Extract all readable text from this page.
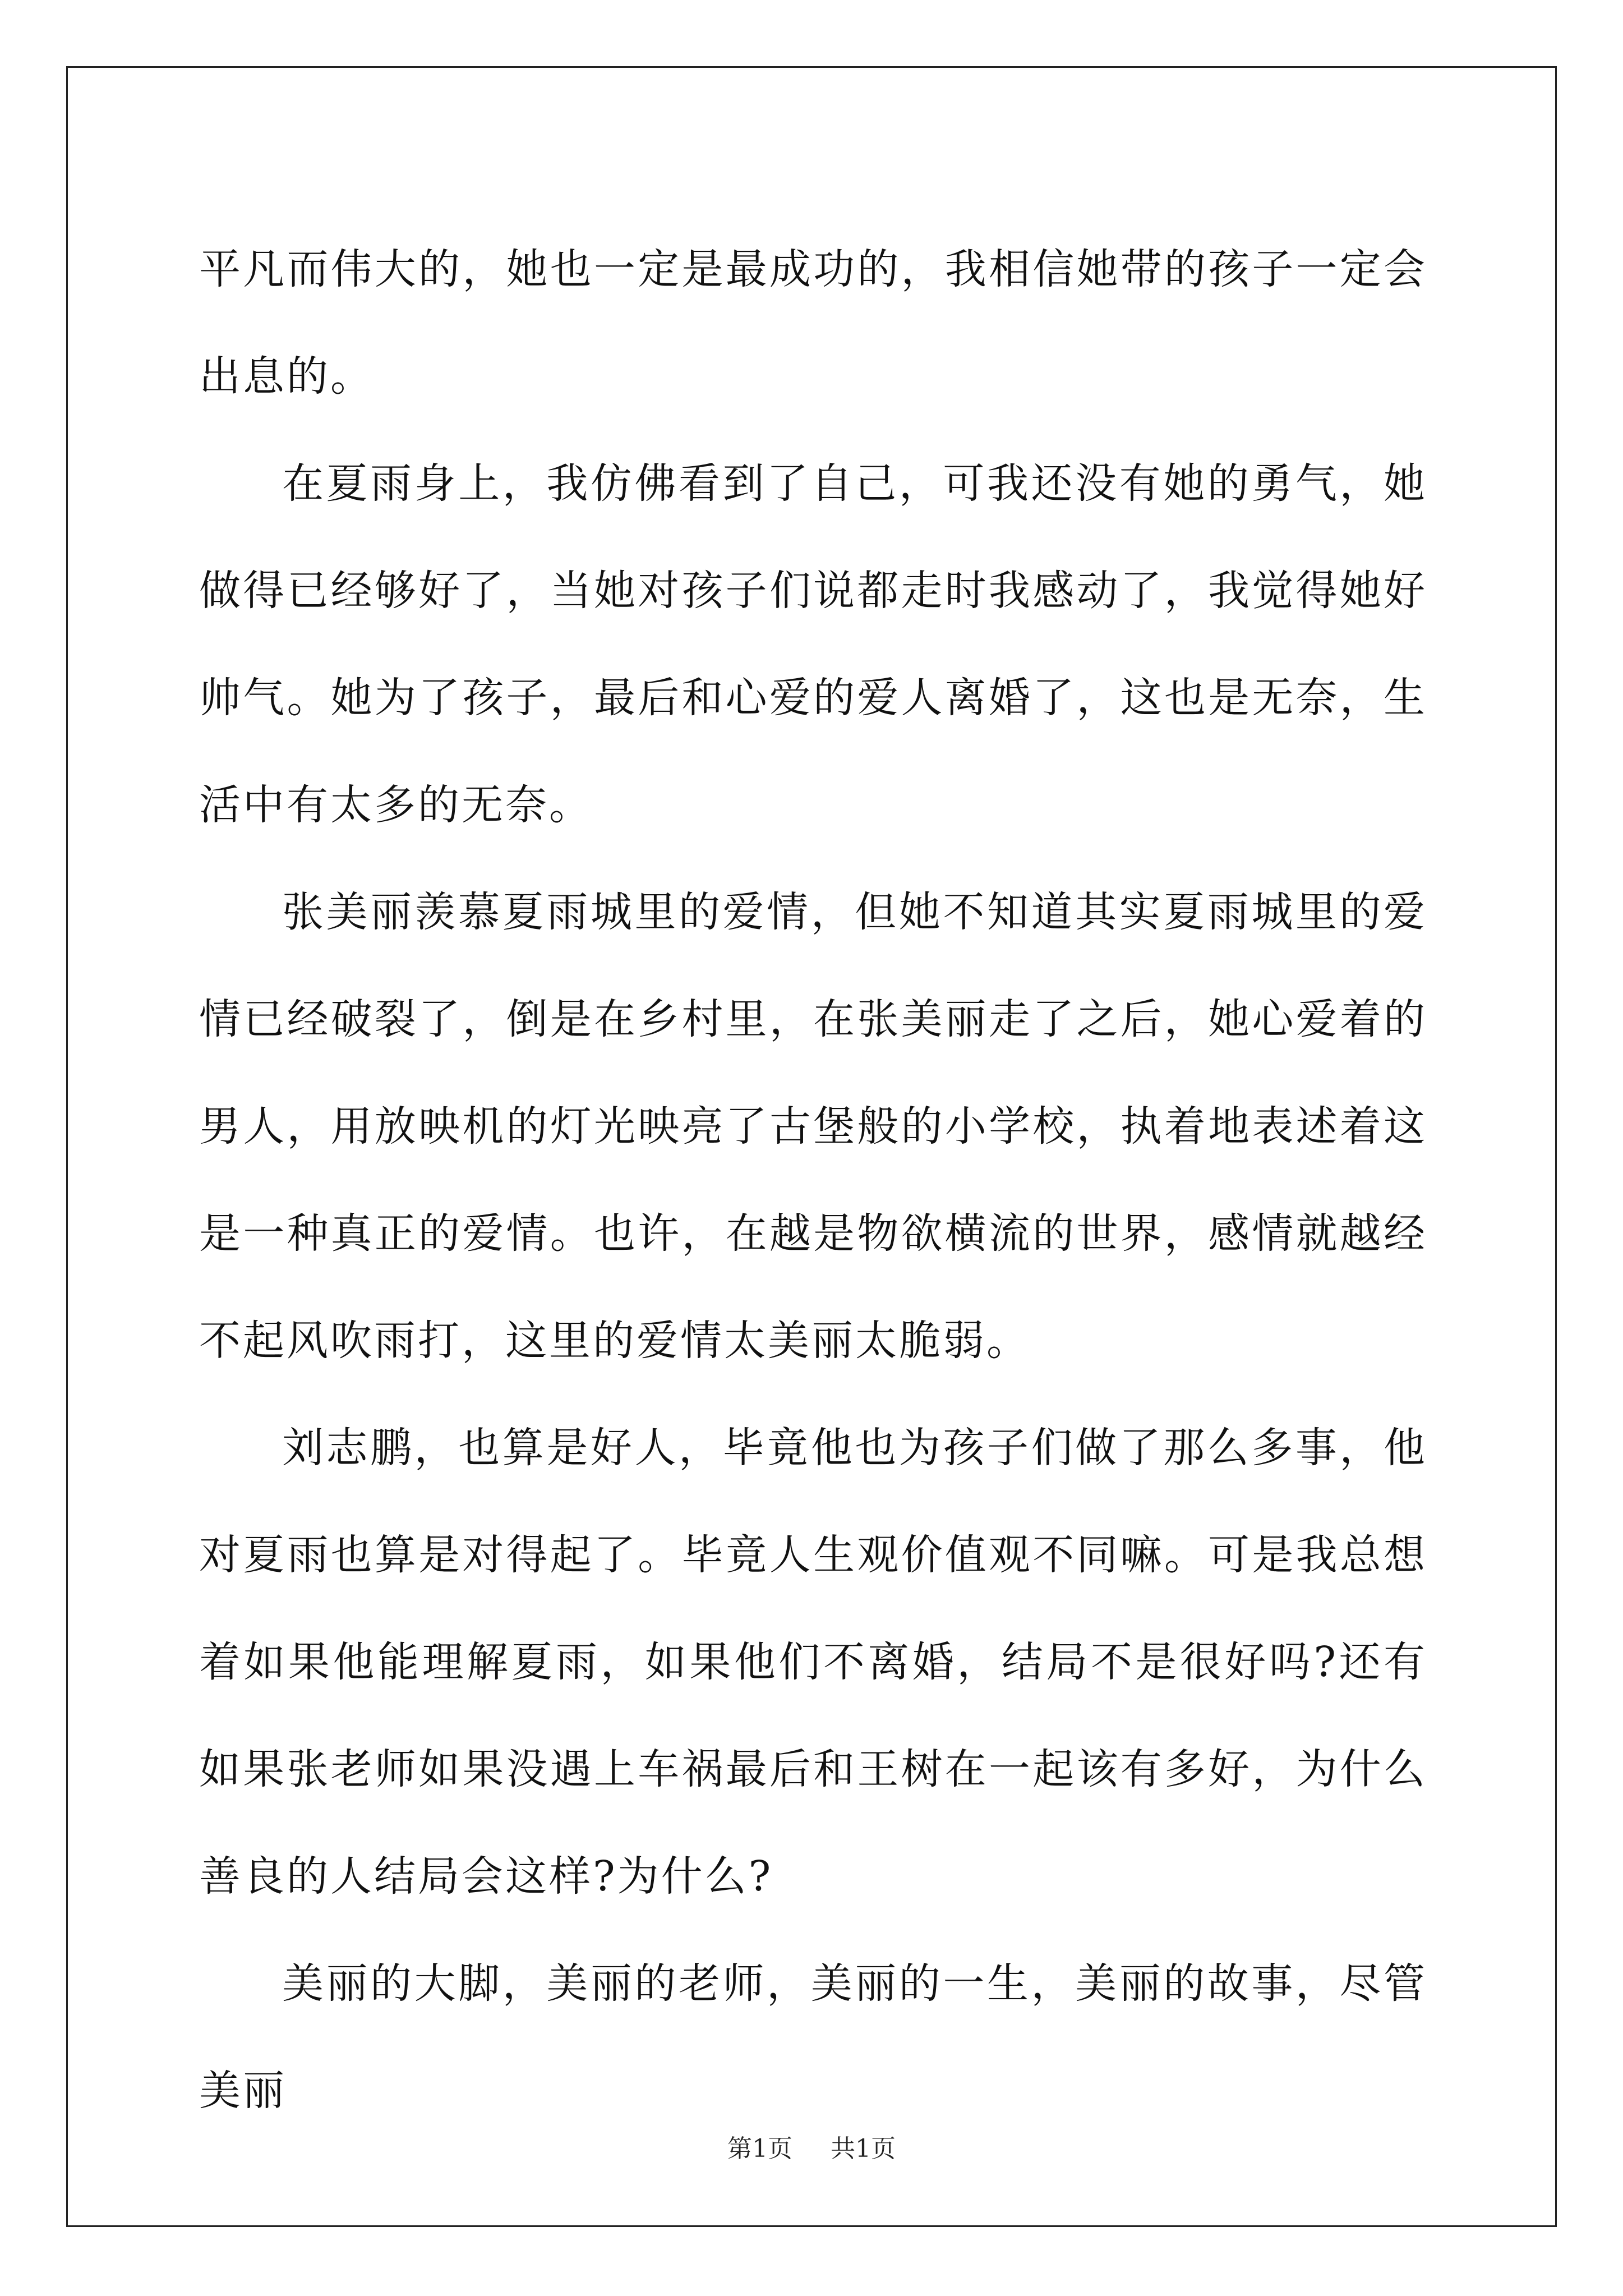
平凡而伟大的，她也一定是最成功的，我相信她带的孩子一定会出息的。

在夏雨身上，我仿佛看到了自己，可我还没有她的勇气，她做得已经够好了，当她对孩子们说都走时我感动了，我觉得她好帅气。她为了孩子，最后和心爱的爱人离婚了，这也是无奈，生活中有太多的无奈。

张美丽羡慕夏雨城里的爱情，但她不知道其实夏雨城里的爱情已经破裂了，倒是在乡村里，在张美丽走了之后，她心爱着的男人，用放映机的灯光映亮了古堡般的小学校，执着地表述着这是一种真正的爱情。也许，在越是物欲横流的世界，感情就越经不起风吹雨打，这里的爱情太美丽太脆弱。

刘志鹏，也算是好人，毕竟他也为孩子们做了那么多事，他对夏雨也算是对得起了。毕竟人生观价值观不同嘛。可是我总想着如果他能理解夏雨，如果他们不离婚，结局不是很好吗?还有如果张老师如果没遇上车祸最后和王树在一起该有多好，为什么善良的人结局会这样?为什么?

美丽的大脚，美丽的老师，美丽的一生，美丽的故事，尽管美丽

第1页 共1页
